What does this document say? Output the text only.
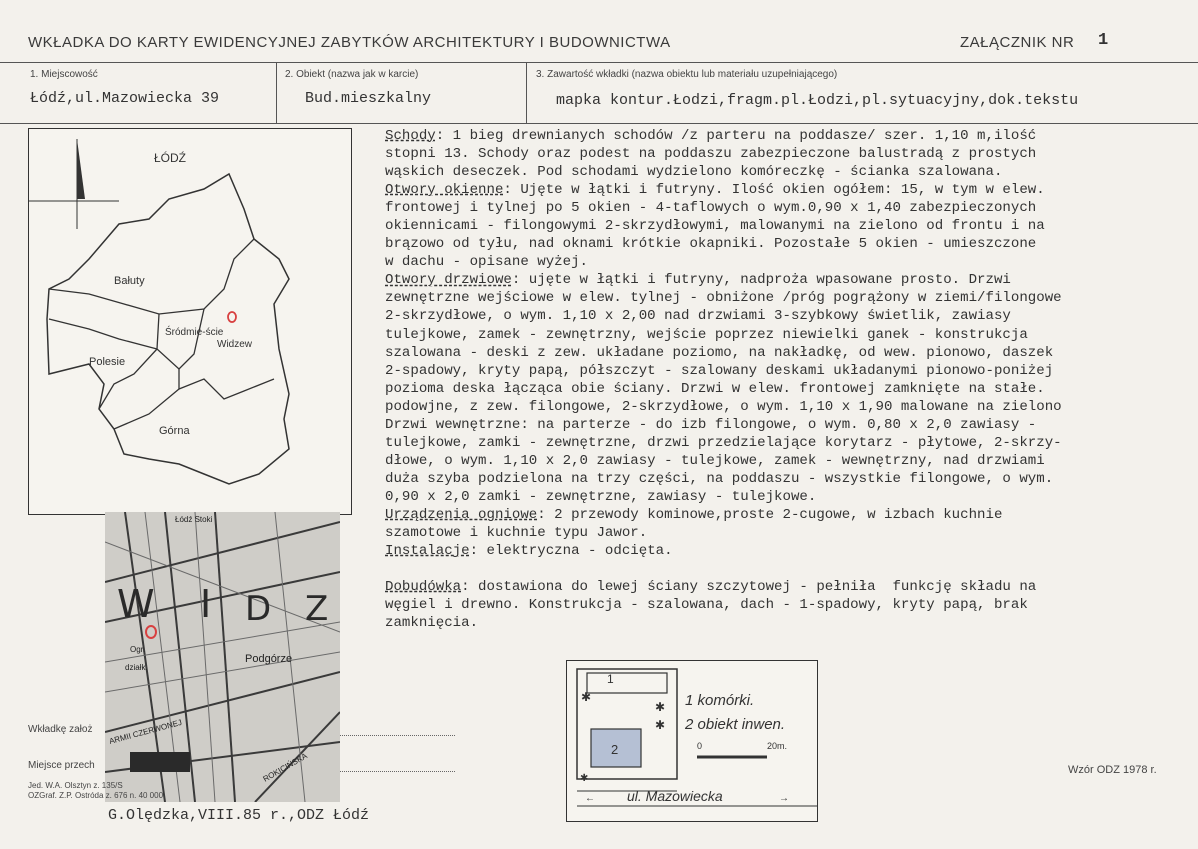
WKŁADKA DO KARTY EWIDENCYJNEJ ZABYTKÓW ARCHITEKTURY I BUDOWNICTWA	ZAŁĄCZNIK NR 1
1. Miejscowość
Łódź,ul.Mazowiecka 39
2. Obiekt (nazwa jak w karcie)
Bud.mieszkalny
3. Zawartość wkładki (nazwa obiektu lub materiału uzupełniającego)
mapka kontur.Łodzi,fragm.pl.Łodzi,pl.sytuacyjny,dok.tekstu
ŁÓDŹ
Bałuty
Śródmie-ście
Widzew
Polesie
Górna
W I D Z
Łódź Stoki
Podgórze
ARMII CZERWONEJ
ROKICIŃSKA
Ogr.
działk.
Schody: 1 bieg drewnianych schodów /z parteru na poddasze/ szer. 1,10 m,ilość
stopni 13. Schody oraz podest na poddaszu zabezpieczone balustradą z prostych
wąskich deseczek. Pod schodami wydzielono komóreczkę - ścianka szalowana.
Otwory okienne: Ujęte w łątki i futryny. Ilość okien ogółem: 15, w tym w elew.
frontowej i tylnej po 5 okien - 4-taflowych o wym.0,90 x 1,40 zabezpieczonych
okiennicami - filongowymi 2-skrzydłowymi, malowanymi na zielono od frontu i na
brązowo od tyłu, nad oknami krótkie okapniki. Pozostałe 5 okien - umieszczone
w dachu - opisane wyżej.
Otwory drzwiowe: ujęte w łątki i futryny, nadproża wpasowane prosto. Drzwi
zewnętrzne wejściowe w elew. tylnej - obniżone /próg pogrążony w ziemi/filongowe
2-skrzydłowe, o wym. 1,10 x 2,00 nad drzwiami 3-szybkowy świetlik, zawiasy
tulejkowe, zamek - zewnętrzny, wejście poprzez niewielki ganek - konstrukcja
szalowana - deski z zew. układane poziomo, na nakładkę, od wew. pionowo, daszek
2-spadowy, kryty papą, półszczyt - szalowany deskami układanymi pionowo-poniżej
pozioma deska łącząca obie ściany. Drzwi w elew. frontowej zamknięte na stałe.
podowjne, z zew. filongowe, 2-skrzydłowe, o wym. 1,10 x 1,90 malowane na zielono
Drzwi wewnętrzne: na parterze - do izb filongowe, o wym. 0,80 x 2,0 zawiasy -
tulejkowe, zamki - zewnętrzne, drzwi przedzielające korytarz - płytowe, 2-skrzy-
dłowe, o wym. 1,10 x 2,0 zawiasy - tulejkowe, zamek - wewnętrzny, nad drzwiami
duża szyba podzielona na trzy części, na poddaszu - wszystkie filongowe, o wym.
0,90 x 2,0 zamki - zewnętrzne, zawiasy - tulejkowe.
Urządzenia ogniowe: 2 przewody kominowe,proste 2-cugowe, w izbach kuchnie
szamotowe i kuchnie typu Jawor.
Instalacje: elektryczna - odcięta.

Dobudówka: dostawiona do lewej ściany szczytowej - pełniła  funkcję składu na
węgiel i drewno. Konstrukcja - szalowana, dach - 1-spadowy, kryty papą, brak
zamknięcia.
✱
✱
✱
✱
1
2
1 komórki.
2 obiekt inwen.
0	20m.
←	→
ul. Mazowiecka
Wkładkę założ
Miejsce przech
Jed. W.A. Olsztyn z. 135/S
OZGraf. Z.P. Ostróda z. 676 n. 40 000
G.Olędzka,VIII.85 r.,ODZ Łódź
Wzór ODZ 1978 r.
